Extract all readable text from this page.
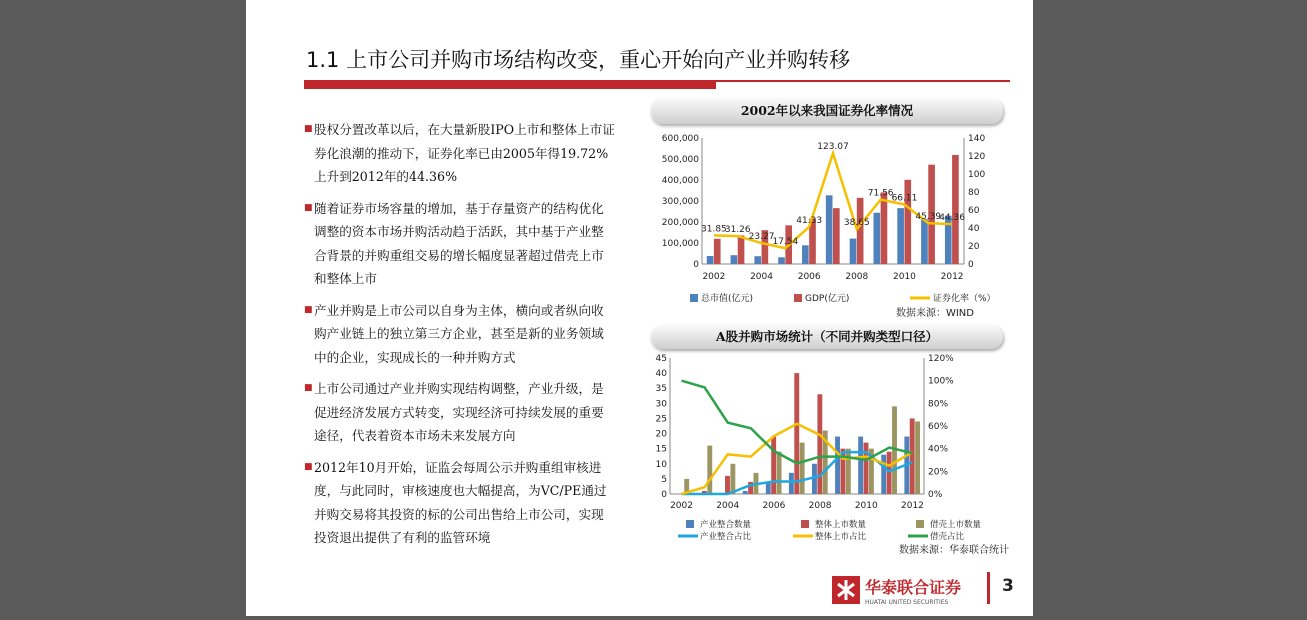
1.1 上市公司并购市场结构改变，重心开始向产业并购转移
■ 股权分置改革以后，在大量新股IPO上市和整体上市证券化浪潮的推动下，证券化率已由2005年得19.72%上升到2012年的44.36%
■ 随着证券市场容量的增加，基于存量资产的结构优化调整的资本市场并购活动趋于活跃，其中基于产业整合背景的并购重组交易的增长幅度显著超过借壳上市和整体上市
■ 产业并购是上市公司以自身为主体，横向或者纵向收购产业链上的独立第三方企业，甚至是新的业务领域中的企业，实现成长的一种并购方式
■ 上市公司通过产业并购实现结构调整，产业升级，是促进经济发展方式转变，实现经济可持续发展的重要途径，代表着资本市场未来发展方向
■ 2012年10月开始，证监会每周公示并购重组审核进度，与此同时，审核速度也大幅提高，为VC/PE通过并购交易将其投资的标的公司出售给上市公司，实现投资退出提供了有利的监管环境
2002年以来我国证券化率情况
0
100,000
200,000
300,000
400,000
500,000
600,000
0
20
40
60
80
100
120
140
2002	2004	2006	2008	2010	2012
31.85
31.26
23.27
17.54
41.33
123.07
38.65
71.56
66.11
45.39
44.36
总市值(亿元)	GDP(亿元)	证券化率（%）
数据来源：WIND
A股并购市场统计（不同并购类型口径）
0
5
10
15
20
25
30
35
40
45
0%
20%
40%
60%
80%
100%
120%
2002	2004	2006	2008	2010	2012
产业整合数量	整体上市数量	借壳上市数量
产业整合占比	整体上市占比	借壳占比
数据来源：华泰联合统计
华泰联合证券
HUATAI UNITED SECURITIES
3
